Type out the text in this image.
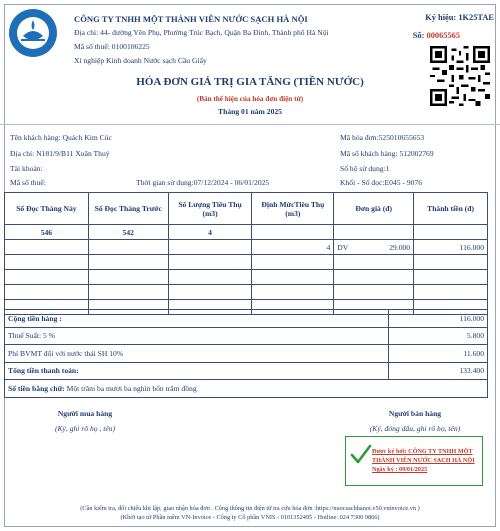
CÔNG TY TNHH MỘT THÀNH VIÊN NƯỚC SẠCH HÀ NỘI
Địa chỉ: 44- đường Yên Phụ, Phường Trúc Bạch, Quận Ba Đình, Thành phố Hà Nội
Mã số thuế: 0100106225
Xí nghiệp Kinh doanh Nước sạch Cầu Giấy
Ký hiệu: 1K25TAE
Số: 00065565
HÓA ĐƠN GIÁ TRỊ GIA TĂNG (TIỀN NƯỚC)
(Bản thể hiện của hóa đơn điện tử)
Tháng 01 năm 2025
Tên khách hàng: Quách Kim Cúc
Địa chỉ: N181/9/B11 Xuân Thuỷ
Tài khoản:
Mã số thuế:	Thời gian sử dụng:07/12/2024 - 06/01/2025
Mã hóa đơn:525010655653
Mã số khách hàng: 512002769
Số hộ sử dụng:1
Khối - Số đọc:E045 - 9076
Số Đọc Tháng Này	Số Đọc Tháng Trước	Số Lượng Tiêu Thụ (m3)	Định MứcTiêu Thụ (m3)	Đơn giá (đ)	Thành tiền (đ)
546	542	4			
			4	DV 29.000	116.000

Cộng tiền hàng :	116.000
Thuế Suất: 5 %	5.800
Phí BVMT đối với nước thải SH 10%	11.600
Tổng tiền thanh toán:	133.400
Số tiền bằng chữ: Một trăm ba mươi ba nghìn bốn trăm đồng	
Người mua hàng
(Ký, ghi rõ họ , tên)
Người bán hàng
(Ký, đóng dấu, ghi rõ họ, tên)
Được ký bởi: CÔNG TY TNHH MỘT
THÀNH VIÊN NƯỚC SẠCH HÀ NỘI
Ngày ký : 09/01/2025
(Cần kiểm tra, đối chiếu khi lập, giao nhận hóa đơn . Công thông tin điện tử tra cứu hóa đơn :https://nuocsachhanoi.v50.vninvoice.vn )
(Khởi tạo từ Phần mềm VN-Invoice - Công ty Cổ phần VNIS - 0101352495 - Hotline: 024 7300 9866)
